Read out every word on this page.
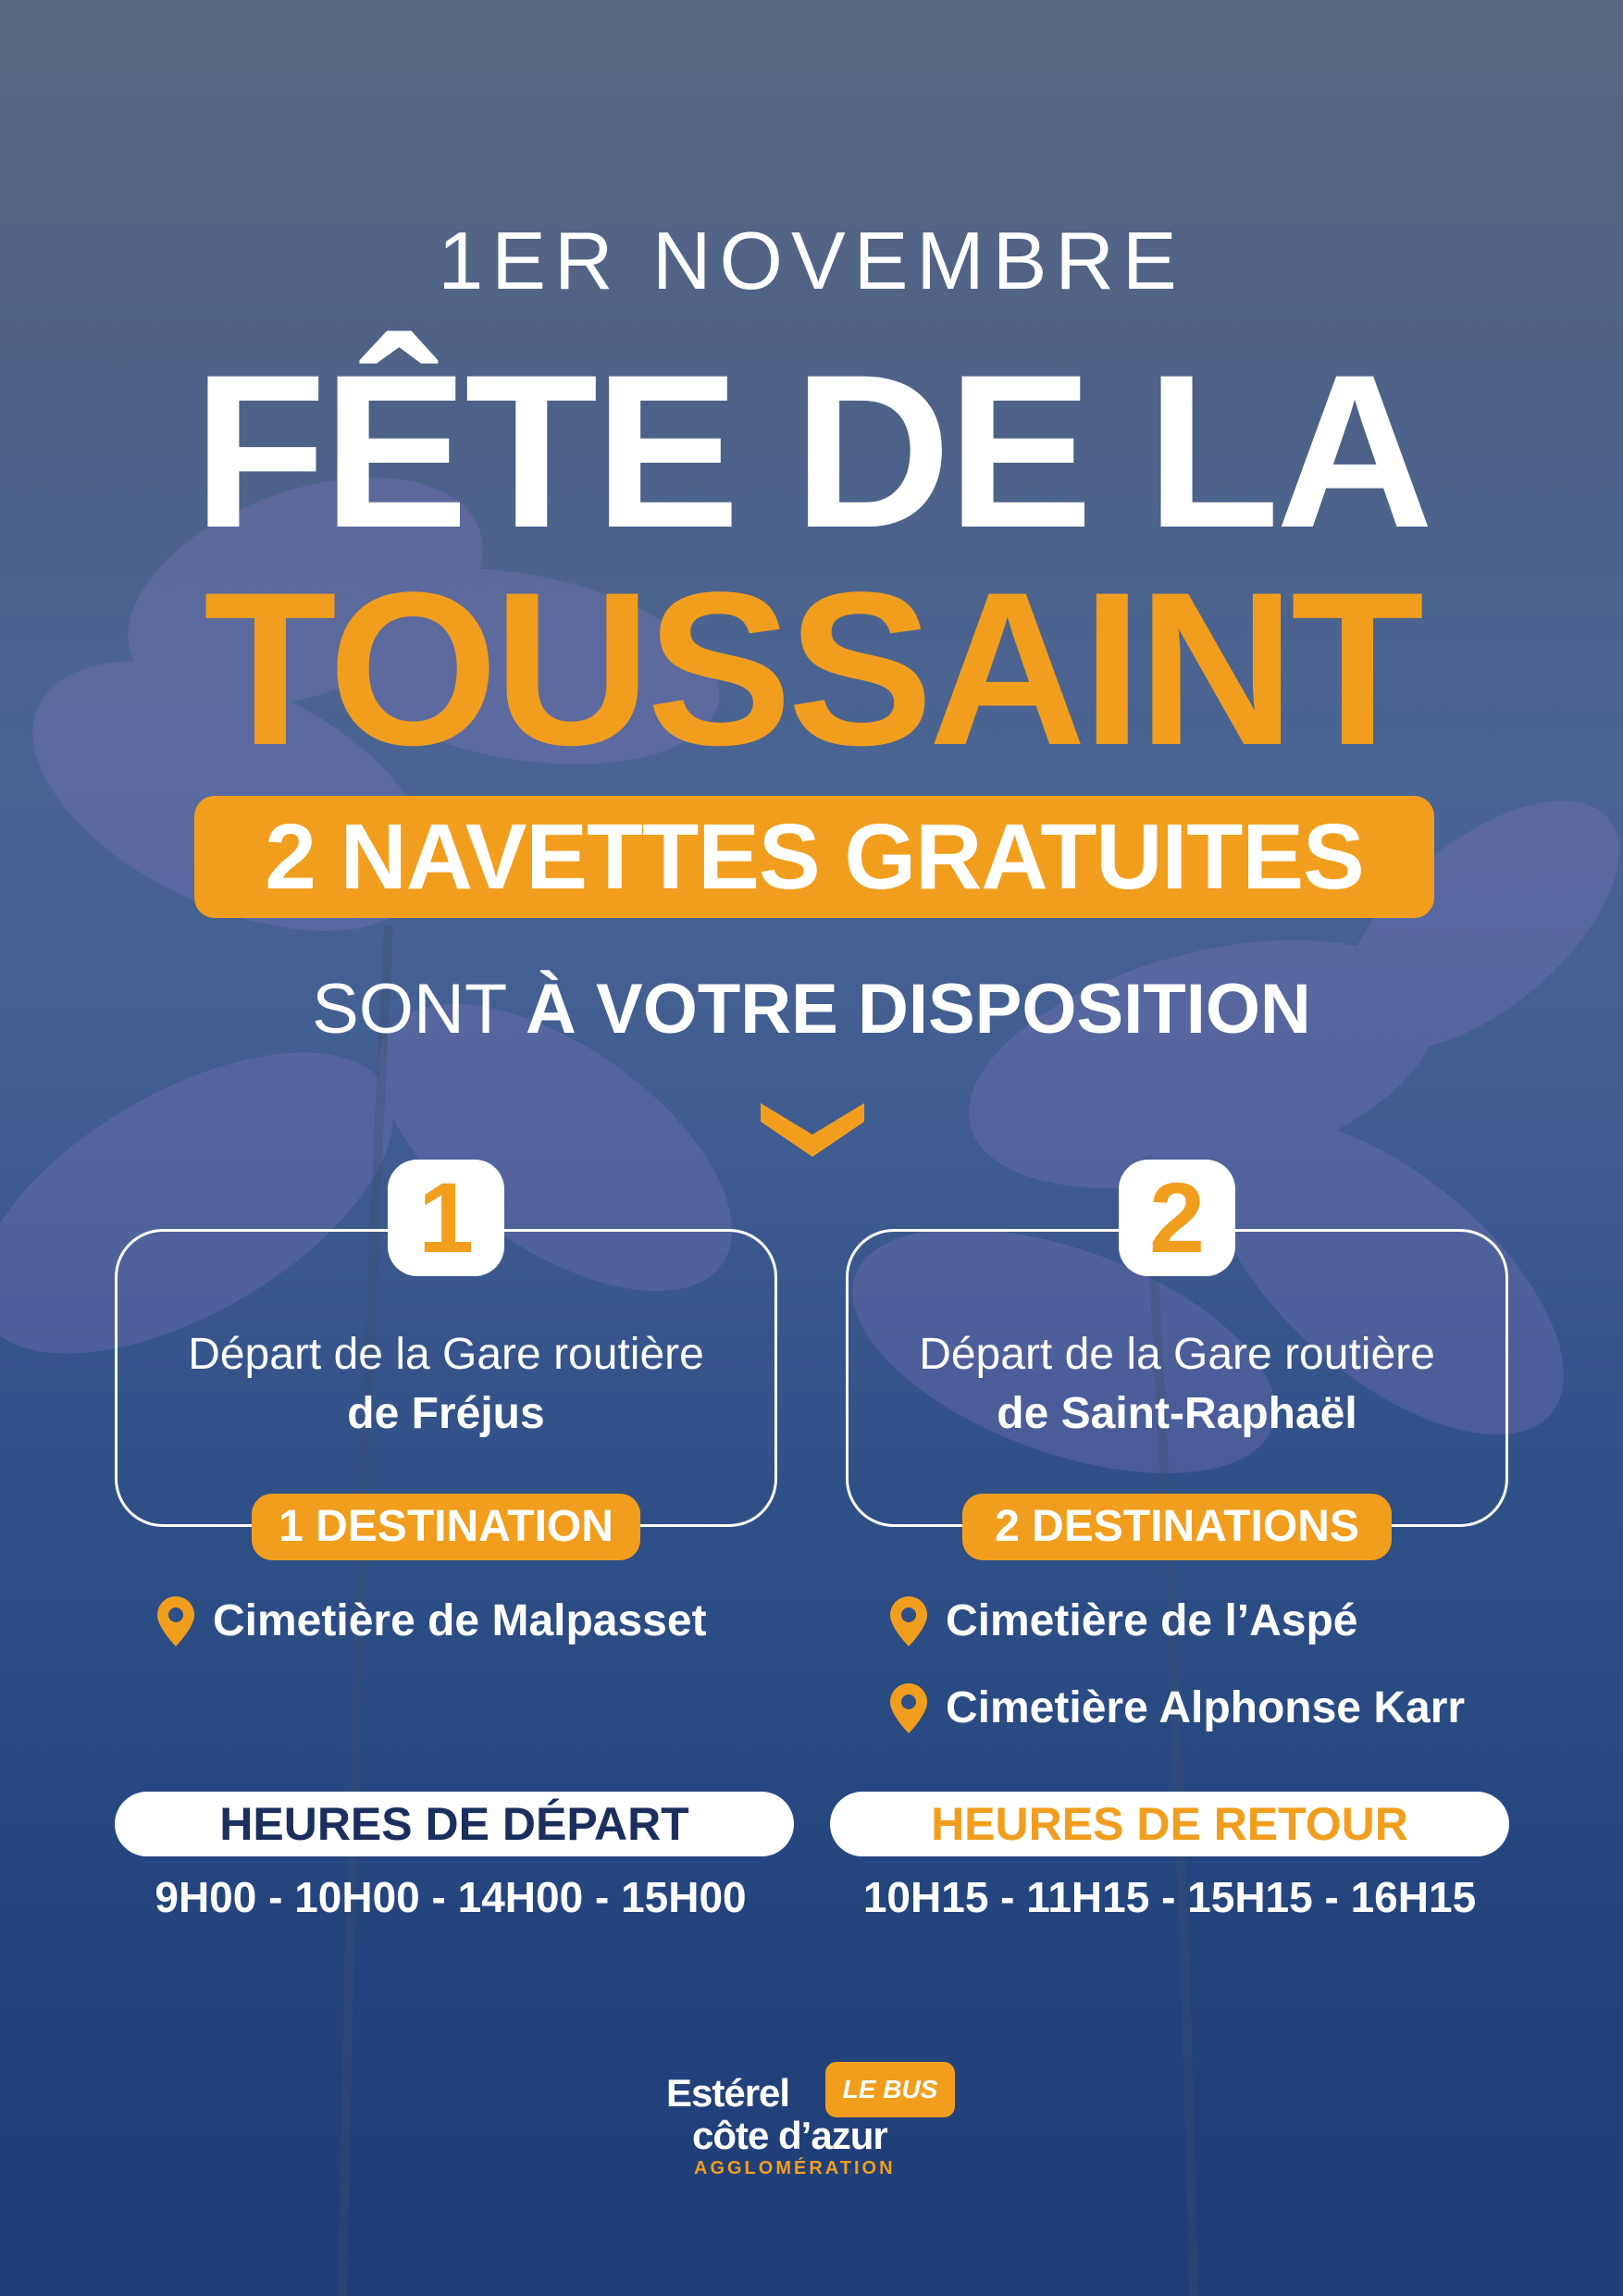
1ER NOVEMBRE
FÊTE DE LA
TOUSSAINT
2 NAVETTES GRATUITES
SONT À VOTRE DISPOSITION
1
Départ de la Gare routière
de Fréjus
1 DESTINATION
Cimetière de Malpasset
2
Départ de la Gare routière
de Saint-Raphaël
2 DESTINATIONS
Cimetière de l’Aspé
Cimetière Alphonse Karr
HEURES DE DÉPART
9H00 - 10H00 - 14H00 - 15H00
HEURES DE RETOUR
10H15 - 11H15 - 15H15 - 16H15
Estérel LE BUS
côte d’azur
AGGLOMÉRATION
